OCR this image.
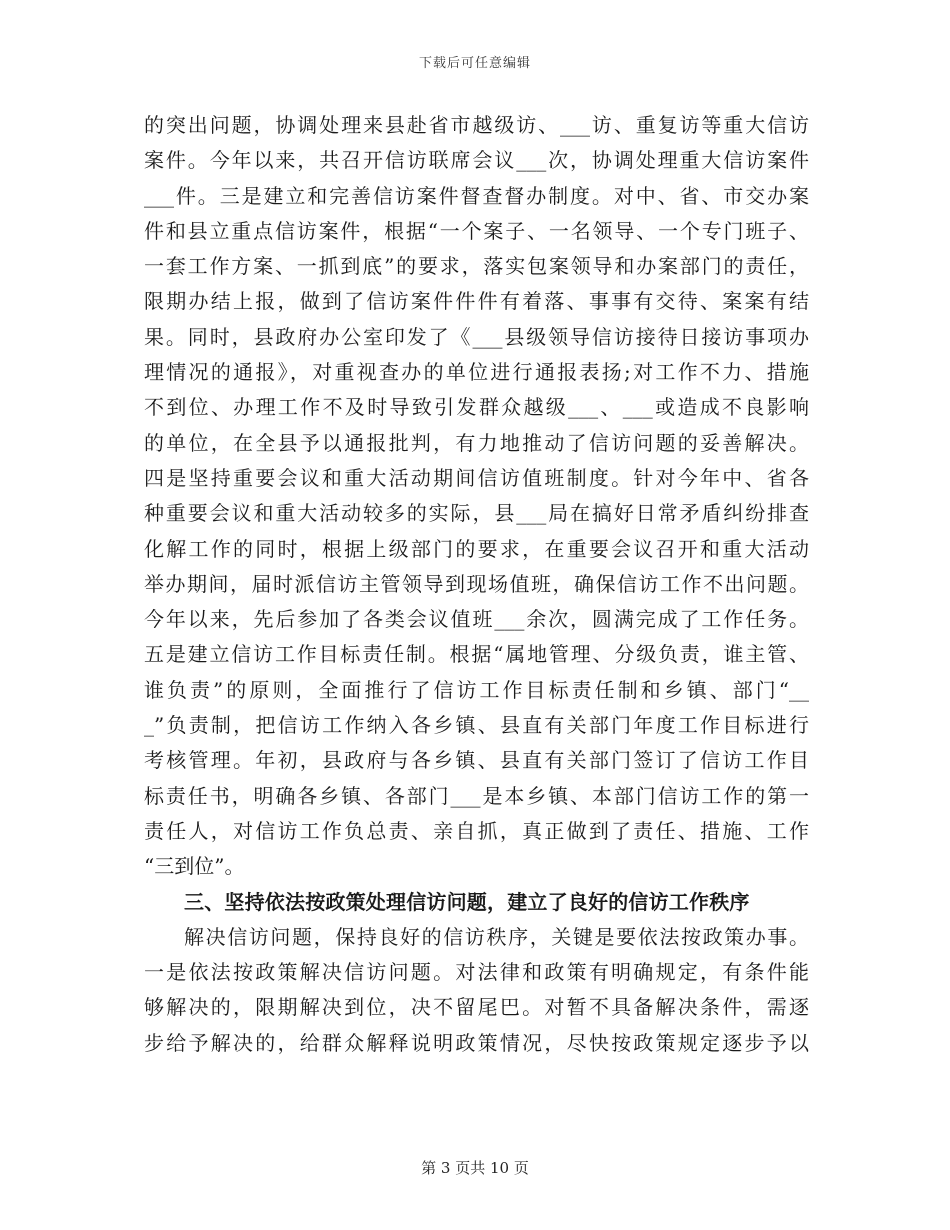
下载后可任意编辑
的突出问题，协调处理来县赴省市越级访、___访、重复访等重大信访
案件。今年以来，共召开信访联席会议___次，协调处理重大信访案件
___件。三是建立和完善信访案件督查督办制度。对中、省、市交办案
件和县立重点信访案件，根据“一个案子、一名领导、一个专门班子、
一套工作方案、一抓到底”的要求，落实包案领导和办案部门的责任，
限期办结上报，做到了信访案件件件有着落、事事有交待、案案有结
果。同时，县政府办公室印发了《___县级领导信访接待日接访事项办
理情况的通报》，对重视查办的单位进行通报表扬;对工作不力、措施
不到位、办理工作不及时导致引发群众越级___、___或造成不良影响
的单位，在全县予以通报批判，有力地推动了信访问题的妥善解决。
四是坚持重要会议和重大活动期间信访值班制度。针对今年中、省各
种重要会议和重大活动较多的实际，县___局在搞好日常矛盾纠纷排查
化解工作的同时，根据上级部门的要求，在重要会议召开和重大活动
举办期间，届时派信访主管领导到现场值班，确保信访工作不出问题。
今年以来，先后参加了各类会议值班___余次，圆满完成了工作任务。
五是建立信访工作目标责任制。根据“属地管理、分级负责，谁主管、
谁负责”的原则，全面推行了信访工作目标责任制和乡镇、部门“__
_”负责制，把信访工作纳入各乡镇、县直有关部门年度工作目标进行
考核管理。年初，县政府与各乡镇、县直有关部门签订了信访工作目
标责任书，明确各乡镇、各部门___是本乡镇、本部门信访工作的第一
责任人，对信访工作负总责、亲自抓，真正做到了责任、措施、工作
“三到位”。
三、坚持依法按政策处理信访问题，建立了良好的信访工作秩序
解决信访问题，保持良好的信访秩序，关键是要依法按政策办事。
一是依法按政策解决信访问题。对法律和政策有明确规定，有条件能
够解决的，限期解决到位，决不留尾巴。对暂不具备解决条件，需逐
步给予解决的，给群众解释说明政策情况，尽快按政策规定逐步予以
第 3 页共 10 页
